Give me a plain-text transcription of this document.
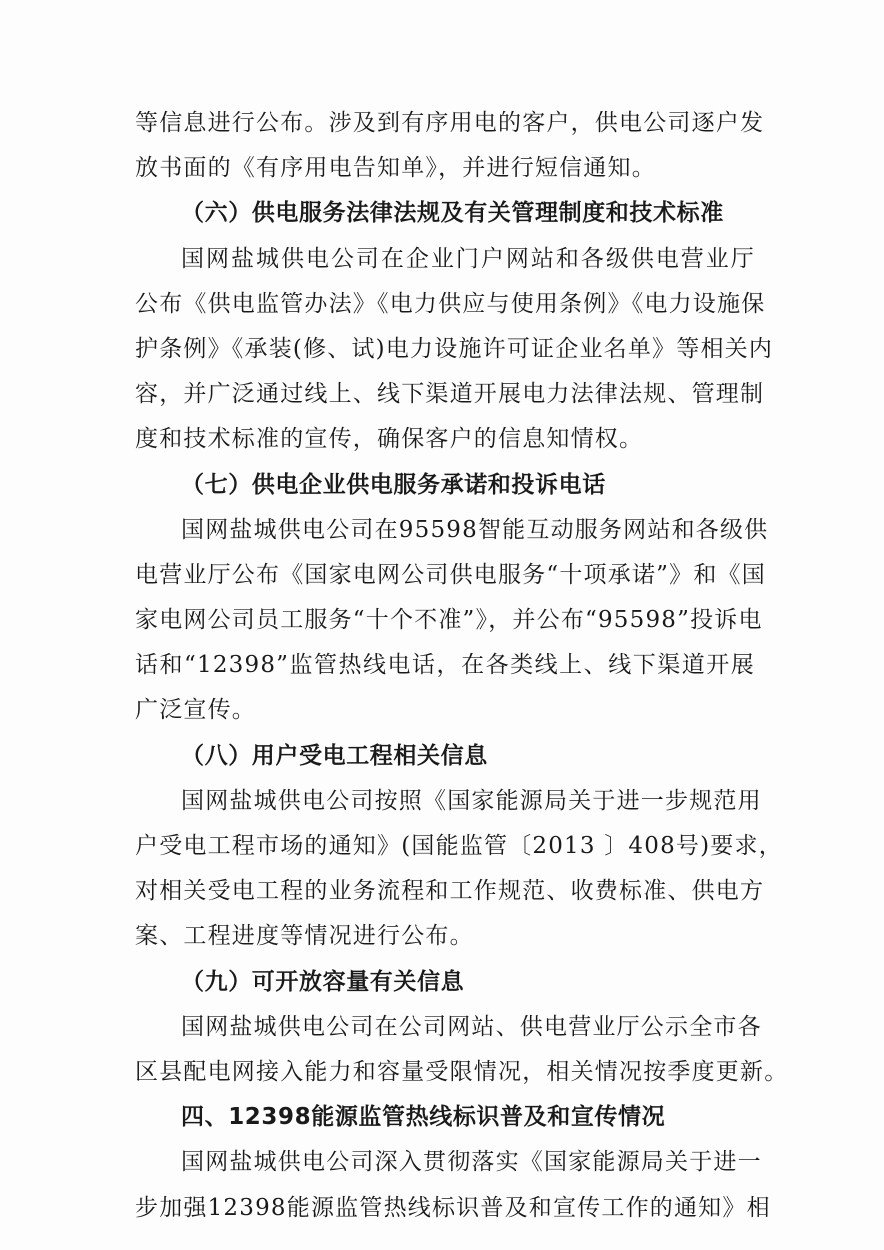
等信息进行公布。涉及到有序用电的客户，供电公司逐户发
放书面的《有序用电告知单》，并进行短信通知。
（六）供电服务法律法规及有关管理制度和技术标准
国网盐城供电公司在企业门户网站和各级供电营业厅
公布《供电监管办法》《电力供应与使用条例》《电力设施保
护条例》《承装(修、试)电力设施许可证企业名单》等相关内
容，并广泛通过线上、线下渠道开展电力法律法规、管理制
度和技术标准的宣传，确保客户的信息知情权。
（七）供电企业供电服务承诺和投诉电话
国网盐城供电公司在95598智能互动服务网站和各级供
电营业厅公布《国家电网公司供电服务“十项承诺”》和《国
家电网公司员工服务“十个不准”》，并公布“95598”投诉电
话和“12398”监管热线电话，在各类线上、线下渠道开展
广泛宣传。
（八）用户受电工程相关信息
国网盐城供电公司按照《国家能源局关于进一步规范用
户受电工程市场的通知》(国能监管〔2013 〕408号)要求，
对相关受电工程的业务流程和工作规范、收费标准、供电方
案、工程进度等情况进行公布。
（九）可开放容量有关信息
国网盐城供电公司在公司网站、供电营业厅公示全市各
区县配电网接入能力和容量受限情况，相关情况按季度更新。
四、12398能源监管热线标识普及和宣传情况
国网盐城供电公司深入贯彻落实《国家能源局关于进一
步加强12398能源监管热线标识普及和宣传工作的通知》相
